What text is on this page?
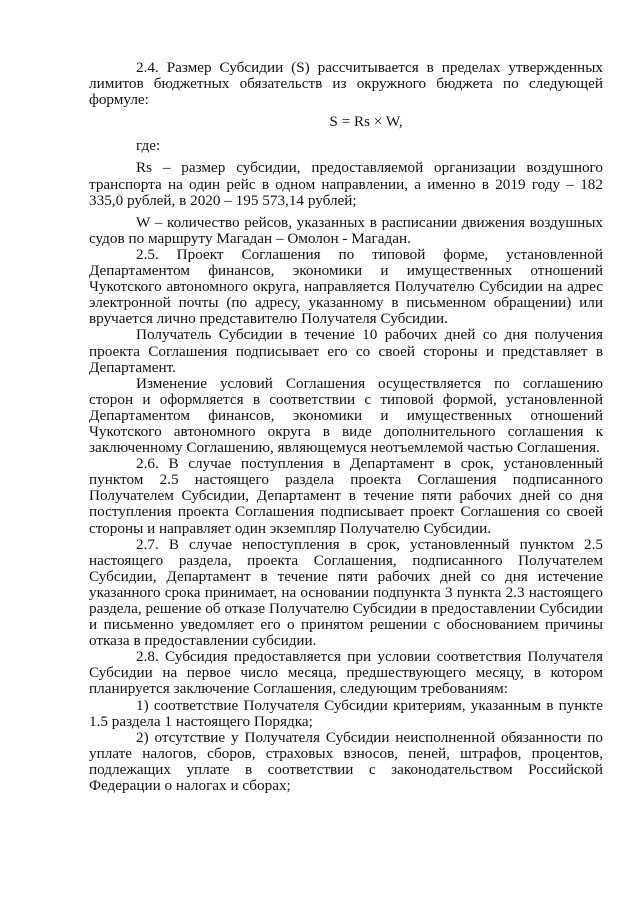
2.4. Размер Субсидии (S) рассчитывается в пределах утвержденных лимитов бюджетных обязательств из окружного бюджета по следующей формуле:

S = Rs × W,

где:

Rs – размер субсидии, предоставляемой организации воздушного транспорта на один рейс в одном направлении, а именно в 2019 году – 182 335,0 рублей, в 2020 – 195 573,14 рублей;

W – количество рейсов, указанных в расписании движения воздушных судов по маршруту Магадан – Омолон - Магадан.

2.5. Проект Соглашения по типовой форме, установленной Департаментом финансов, экономики и имущественных отношений Чукотского автономного округа, направляется Получателю Субсидии на адрес электронной почты (по адресу, указанному в письменном обращении) или вручается лично представителю Получателя Субсидии.

Получатель Субсидии в течение 10 рабочих дней со дня получения проекта Соглашения подписывает его со своей стороны и представляет в Департамент.

Изменение условий Соглашения осуществляется по соглашению сторон и оформляется в соответствии с типовой формой, установленной Департаментом финансов, экономики и имущественных отношений Чукотского автономного округа в виде дополнительного соглашения к заключенному Соглашению, являющемуся неотъемлемой частью Соглашения.

2.6. В случае поступления в Департамент в срок, установленный пунктом 2.5 настоящего раздела проекта Соглашения подписанного Получателем Субсидии, Департамент в течение пяти рабочих дней со дня поступления проекта Соглашения подписывает проект Соглашения со своей стороны и направляет один экземпляр Получателю Субсидии.

2.7. В случае непоступления в срок, установленный пунктом 2.5 настоящего раздела, проекта Соглашения, подписанного Получателем Субсидии, Департамент в течение пяти рабочих дней со дня истечение указанного срока принимает, на основании подпункта 3 пункта 2.3 настоящего раздела, решение об отказе Получателю Субсидии в предоставлении Субсидии и письменно уведомляет его о принятом решении с обоснованием причины отказа в предоставлении субсидии.

2.8. Субсидия предоставляется при условии соответствия Получателя Субсидии на первое число месяца, предшествующего месяцу, в котором планируется заключение Соглашения, следующим требованиям:

1) соответствие Получателя Субсидии критериям, указанным в пункте 1.5 раздела 1 настоящего Порядка;

2) отсутствие у Получателя Субсидии неисполненной обязанности по уплате налогов, сборов, страховых взносов, пеней, штрафов, процентов, подлежащих уплате в соответствии с законодательством Российской Федерации о налогах и сборах;
